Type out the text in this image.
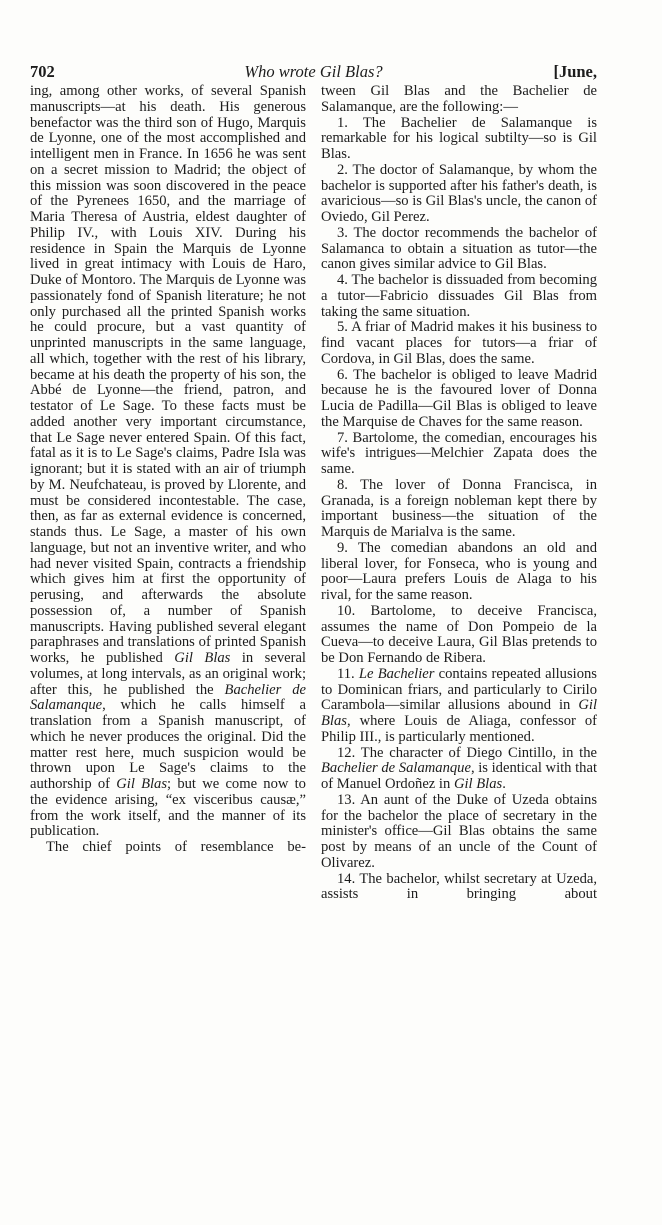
Who wrote Gil Blas?
702	[June,

ing, among other works, of several Spanish manuscripts—at his death. His generous benefactor was the third son of Hugo, Marquis de Lyonne, one of the most accomplished and intelligent men in France. In 1656 he was sent on a secret mission to Madrid; the object of this mission was soon discovered in the peace of the Pyrenees 1650, and the marriage of Maria Theresa of Austria, eldest daughter of Philip IV., with Louis XIV. During his residence in Spain the Marquis de Lyonne lived in great intimacy with Louis de Haro, Duke of Montoro. The Marquis de Lyonne was passionately fond of Spanish literature; he not only purchased all the printed Spanish works he could procure, but a vast quantity of unprinted manuscripts in the same language, all which, together with the rest of his library, became at his death the property of his son, the Abbé de Lyonne—the friend, patron, and testator of Le Sage. To these facts must be added another very important circumstance, that Le Sage never entered Spain. Of this fact, fatal as it is to Le Sage's claims, Padre Isla was ignorant; but it is stated with an air of triumph by M. Neufchateau, is proved by Llorente, and must be considered incontestable. The case, then, as far as external evidence is concerned, stands thus. Le Sage, a master of his own language, but not an inventive writer, and who had never visited Spain, contracts a friendship which gives him at first the opportunity of perusing, and afterwards the absolute possession of, a number of Spanish manuscripts. Having published several elegant paraphrases and translations of printed Spanish works, he published Gil Blas in several volumes, at long intervals, as an original work; after this, he published the Bachelier de Salamanque, which he calls himself a translation from a Spanish manuscript, of which he never produces the original. Did the matter rest here, much suspicion would be thrown upon Le Sage's claims to the authorship of Gil Blas; but we come now to the evidence arising, “ex visceribus causæ,” from the work itself, and the manner of its publication.

The chief points of resemblance be-

tween Gil Blas and the Bachelier de Salamanque, are the following:—

1. The Bachelier de Salamanque is remarkable for his logical subtilty—so is Gil Blas.

2. The doctor of Salamanque, by whom the bachelor is supported after his father's death, is avaricious—so is Gil Blas's uncle, the canon of Oviedo, Gil Perez.

3. The doctor recommends the bachelor of Salamanca to obtain a situation as tutor—the canon gives similar advice to Gil Blas.

4. The bachelor is dissuaded from becoming a tutor—Fabricio dissuades Gil Blas from taking the same situation.

5. A friar of Madrid makes it his business to find vacant places for tutors—a friar of Cordova, in Gil Blas, does the same.

6. The bachelor is obliged to leave Madrid because he is the favoured lover of Donna Lucia de Padilla—Gil Blas is obliged to leave the Marquise de Chaves for the same reason.

7. Bartolome, the comedian, encourages his wife's intrigues—Melchier Zapata does the same.

8. The lover of Donna Francisca, in Granada, is a foreign nobleman kept there by important business—the situation of the Marquis de Marialva is the same.

9. The comedian abandons an old and liberal lover, for Fonseca, who is young and poor—Laura prefers Louis de Alaga to his rival, for the same reason.

10. Bartolome, to deceive Francisca, assumes the name of Don Pompeio de la Cueva—to deceive Laura, Gil Blas pretends to be Don Fernando de Ribera.

11. Le Bachelier contains repeated allusions to Dominican friars, and particularly to Cirilo Carambola—similar allusions abound in Gil Blas, where Louis de Aliaga, confessor of Philip III., is particularly mentioned.

12. The character of Diego Cintillo, in the Bachelier de Salamanque, is identical with that of Manuel Ordoñez in Gil Blas.

13. An aunt of the Duke of Uzeda obtains for the bachelor the place of secretary in the minister's office—Gil Blas obtains the same post by means of an uncle of the Count of Olivarez.

14. The bachelor, whilst secretary at Uzeda, assists in bringing about
